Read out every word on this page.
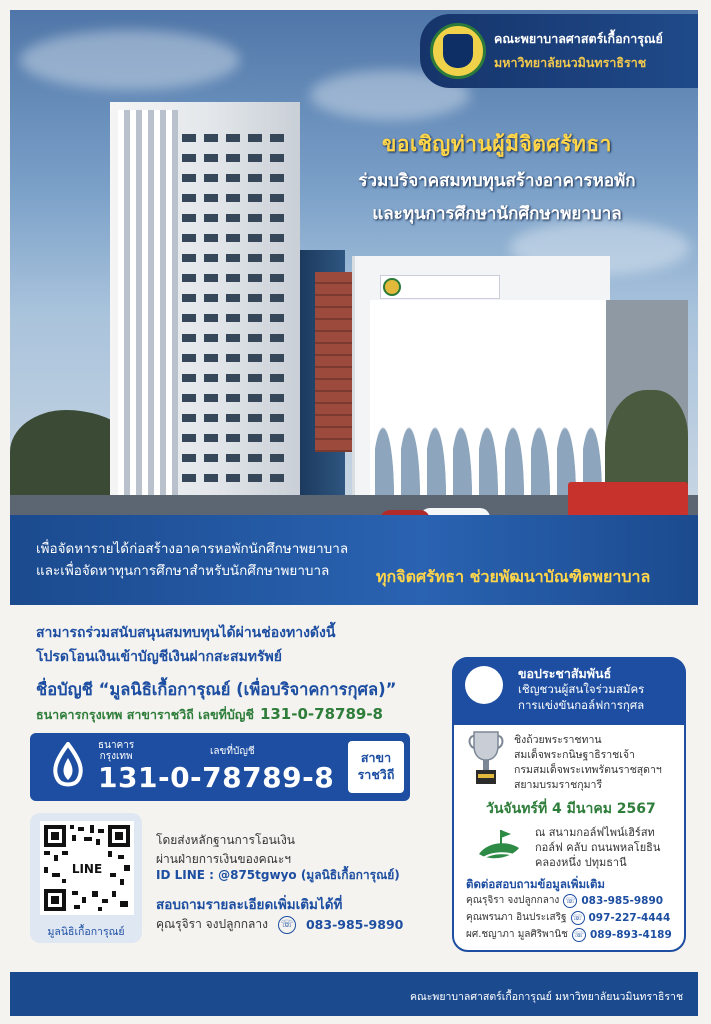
คณะพยาบาลศาสตร์เกื้อการุณย์
มหาวิทยาลัยนวมินทราธิราช
ขอเชิญท่านผู้มีจิตศรัทธา
ร่วมบริจาคสมทบทุนสร้างอาคารหอพัก
และทุนการศึกษานักศึกษาพยาบาล
เพื่อจัดหารายได้ก่อสร้างอาคารหอพักนักศึกษาพยาบาล
และเพื่อจัดหาทุนการศึกษาสำหรับนักศึกษาพยาบาล	ทุกจิตศรัทธา ช่วยพัฒนาบัณฑิตพยาบาล
สามารถร่วมสนับสนุนสมทบทุนได้ผ่านช่องทางดังนี้
โปรดโอนเงินเข้าบัญชีเงินฝากสะสมทรัพย์
ชื่อบัญชี “มูลนิธิเกื้อการุณย์ (เพื่อบริจาคการกุศล)”
ธนาคารกรุงเทพ สาขาราชวิถี เลขที่บัญชี 131-0-78789-8
ธนาคาร
กรุงเทพ	เลขที่บัญชี
131-0-78789-8
สาขา
ราชวิถี
LINE
มูลนิธิเกื้อการุณย์
โดยส่งหลักฐานการโอนเงิน
ผ่านฝ่ายการเงินของคณะฯ
ID LINE : @875tgwyo (มูลนิธิเกื้อการุณย์)
สอบถามรายละเอียดเพิ่มเติมได้ที่
คุณรุจิรา จงปลูกกลาง ☏ 083-985-9890
ขอประชาสัมพันธ์
เชิญชวนผู้สนใจร่วมสมัคร
การแข่งขันกอล์ฟการกุศล
ชิงถ้วยพระราชทาน
สมเด็จพระกนิษฐาธิราชเจ้า
กรมสมเด็จพระเทพรัตนราชสุดาฯ
สยามบรมราชกุมารี
วันจันทร์ที่ 4 มีนาคม 2567
ณ สนามกอล์ฟไพน์เฮิร์สท
กอล์ฟ คลับ ถนนพหลโยธิน
คลองหนึ่ง ปทุมธานี
ติดต่อสอบถามข้อมูลเพิ่มเติม
คุณรุจิรา จงปลูกกลาง ☏ 083-985-9890
คุณพรนภา อินประเสริฐ ☏ 097-227-4444
ผศ.ชญาภา มูลศิริพานิช ☏ 089-893-4189
คณะพยาบาลศาสตร์เกื้อการุณย์ มหาวิทยาลัยนวมินทราธิราช
